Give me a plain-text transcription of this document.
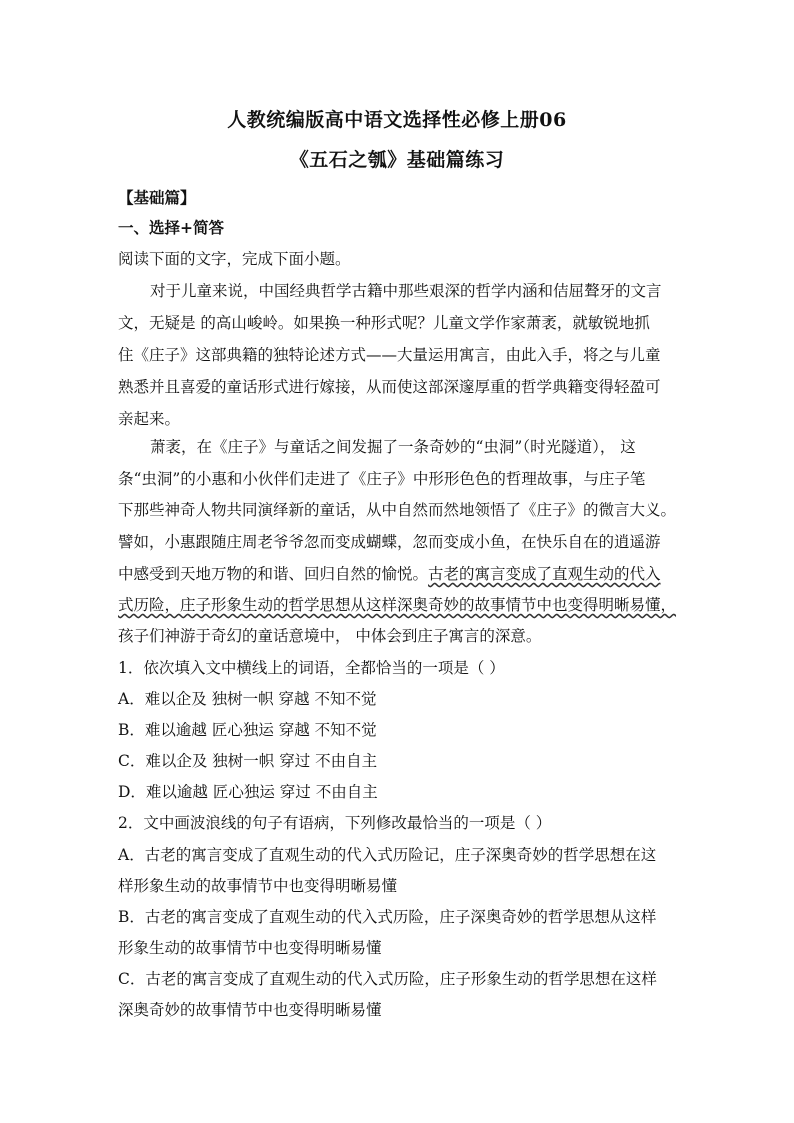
人教统编版高中语文选择性必修上册06
《五石之瓠》基础篇练习
【基础篇】
一、选择+简答
阅读下面的文字，完成下面小题。
对于儿童来说，中国经典哲学古籍中那些艰深的哲学内涵和佶屈聱牙的文言
文，无疑是 的高山峻岭。如果换一种形式呢？儿童文学作家萧袤，就敏锐地抓
住《庄子》这部典籍的独特论述方式——大量运用寓言，由此入手，将之与儿童
熟悉并且喜爱的童话形式进行嫁接，从而使这部深邃厚重的哲学典籍变得轻盈可
亲起来。
萧袤，在《庄子》与童话之间发掘了一条奇妙的“虫洞”（时光隧道）， 这
条“虫洞”的小惠和小伙伴们走进了《庄子》中形形色色的哲理故事，与庄子笔
下那些神奇人物共同演绎新的童话，从中自然而然地领悟了《庄子》的微言大义。
譬如，小惠跟随庄周老爷爷忽而变成蝴蝶，忽而变成小鱼，在快乐自在的逍遥游
中感受到天地万物的和谐、回归自然的愉悦。古老的寓言变成了直观生动的代入
式历险，庄子形象生动的哲学思想从这样深奥奇妙的故事情节中也变得明晰易懂，
孩子们神游于奇幻的童话意境中， 中体会到庄子寓言的深意。
1．依次填入文中横线上的词语，全都恰当的一项是（ ）
A．难以企及 独树一帜 穿越 不知不觉
B．难以逾越 匠心独运 穿越 不知不觉
C．难以企及 独树一帜 穿过 不由自主
D．难以逾越 匠心独运 穿过 不由自主
2．文中画波浪线的句子有语病，下列修改最恰当的一项是（ ）
A．古老的寓言变成了直观生动的代入式历险记，庄子深奥奇妙的哲学思想在这
样形象生动的故事情节中也变得明晰易懂
B．古老的寓言变成了直观生动的代入式历险，庄子深奥奇妙的哲学思想从这样
形象生动的故事情节中也变得明晰易懂
C．古老的寓言变成了直观生动的代入式历险，庄子形象生动的哲学思想在这样
深奥奇妙的故事情节中也变得明晰易懂
